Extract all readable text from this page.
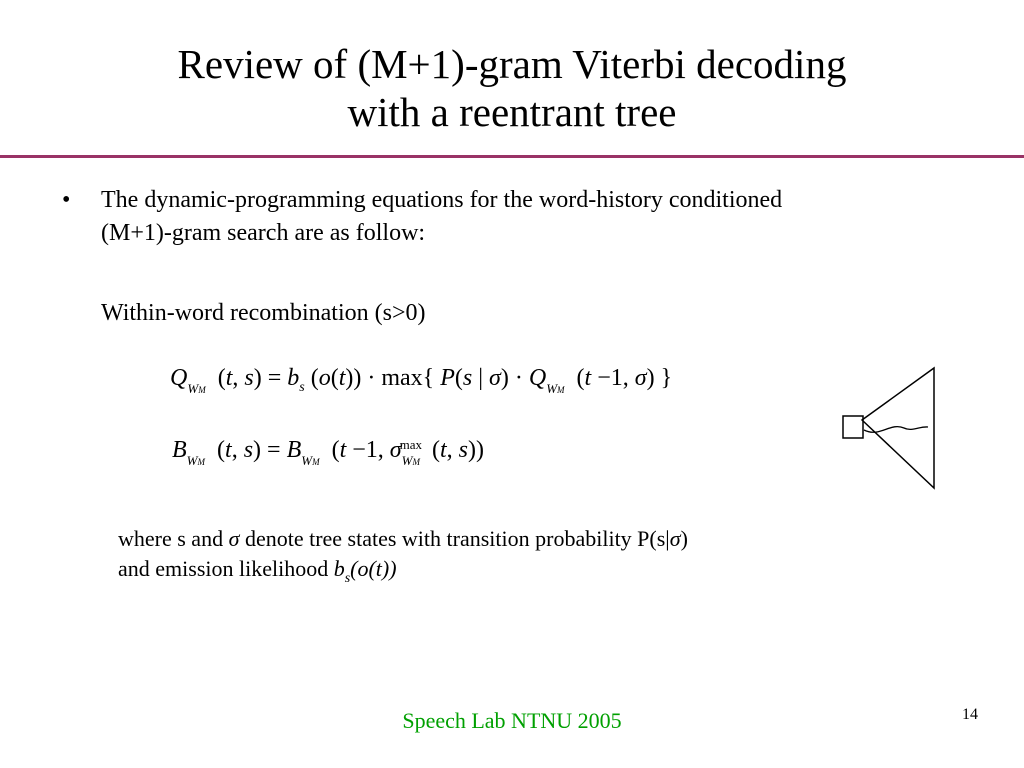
Review of (M+1)-gram Viterbi decoding
with a reentrant tree
• The dynamic-programming equations for the word-history conditioned
(M+1)-gram search are as follow:
Within-word recombination (s>0)
$Q_{WM}$  (t, $s) = b_s$ (o(t)) · max{ P(s | $\sigma) \cdot Q_{WM}$  (t −1, σ) }
$B_{WM}$  (t, $s) = B_{WM}$  (t −1, σ
max
$_{WM}$  (t, s))
where s and σ denote tree states with transition probability P(s|σ)
and emission likelihood $b_s(o(t))$
Speech Lab NTNU 2005	14
